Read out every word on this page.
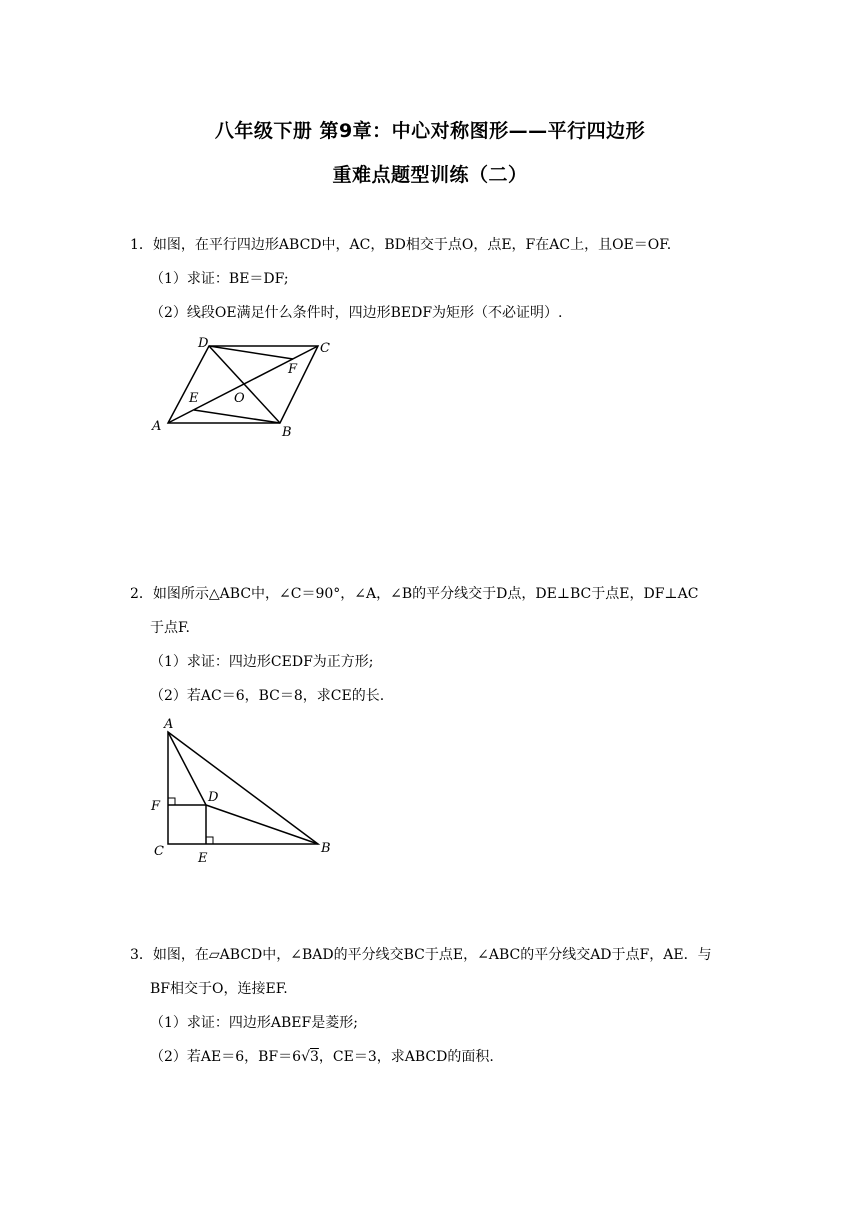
八年级下册 第9章：中心对称图形——平行四边形
重难点题型训练（二）
1．如图，在平行四边形ABCD中，AC，BD相交于点O，点E，F在AC上，且OE＝OF.
（1）求证：BE＝DF;
（2）线段OE满足什么条件时，四边形BEDF为矩形（不必证明）.
A	B
C
D
E
F
O
2．如图所示△ABC中，∠C＝90°，∠A，∠B的平分线交于D点，DE⊥BC于点E，DF⊥AC
于点F.
（1）求证：四边形CEDF为正方形;
（2）若AC＝6，BC＝8，求CE的长.
A
B
C
D
E
F
3．如图，在▱ABCD中，∠BAD的平分线交BC于点E，∠ABC的平分线交AD于点F，AE．与
BF相交于O，连接EF.
（1）求证：四边形ABEF是菱形;
（2）若AE＝6，BF＝6√3，CE＝3，求ABCD的面积.
